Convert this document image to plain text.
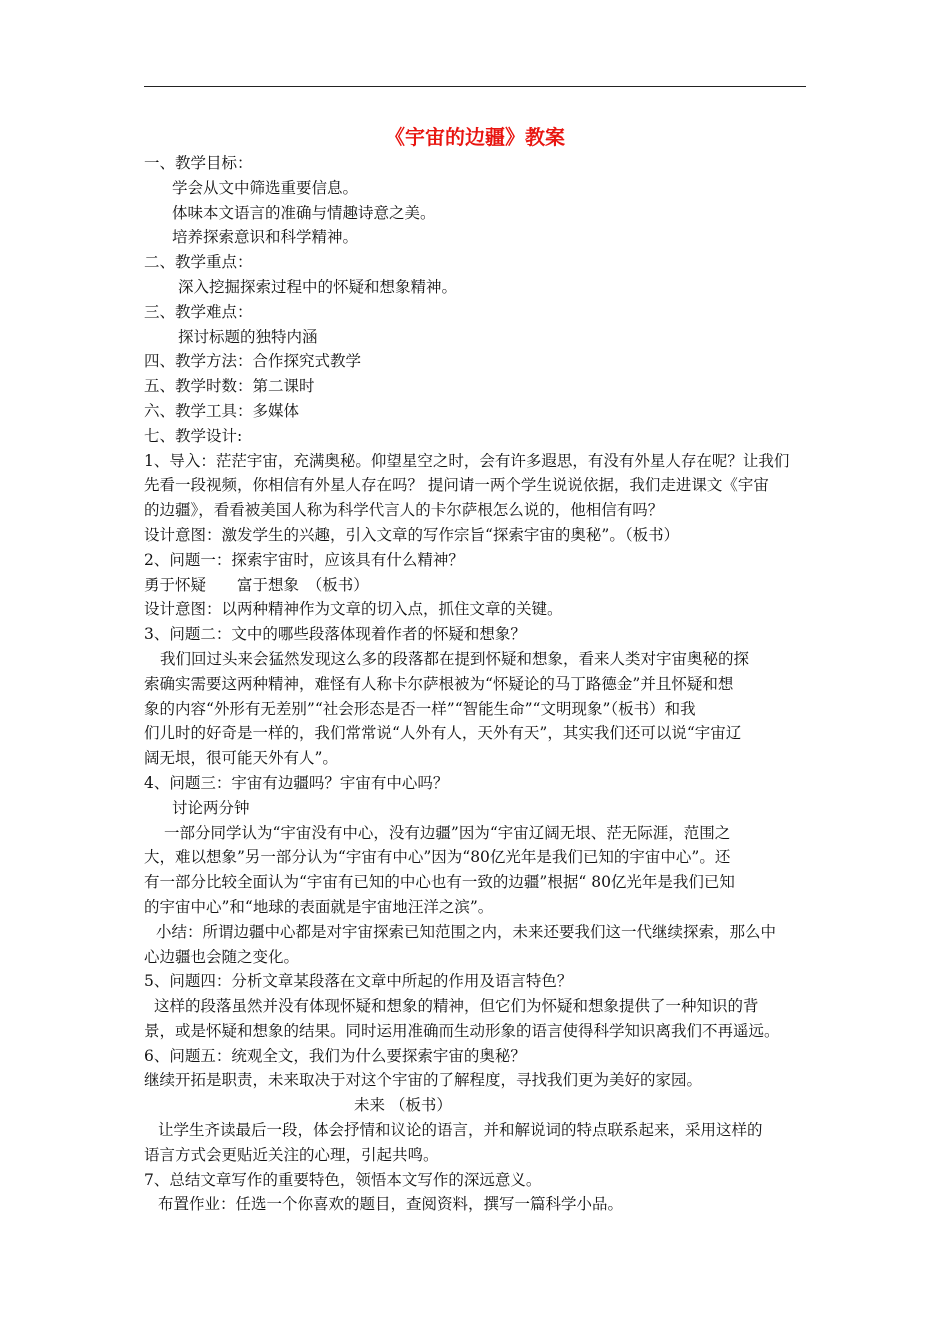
《宇宙的边疆》教案
一、教学目标：
学会从文中筛选重要信息。
体味本文语言的准确与情趣诗意之美。
培养探索意识和科学精神。
二、教学重点：
深入挖掘探索过程中的怀疑和想象精神。
三、教学难点：
探讨标题的独特内涵
四、教学方法：合作探究式教学
五、教学时数：第二课时
六、教学工具：多媒体
七、教学设计:
1、导入：茫茫宇宙，充满奥秘。仰望星空之时，会有许多遐思，有没有外星人存在呢？让我们
先看一段视频，你相信有外星人存在吗？ 提问请一两个学生说说依据，我们走进课文《宇宙
的边疆》，看看被美国人称为科学代言人的卡尔萨根怎么说的，他相信有吗？
设计意图：激发学生的兴趣，引入文章的写作宗旨“探索宇宙的奥秘”。（板书）
2、问题一：探索宇宙时，应该具有什么精神？
勇于怀疑　　富于想象　（板书）
设计意图：以两种精神作为文章的切入点，抓住文章的关键。
3、问题二：文中的哪些段落体现着作者的怀疑和想象？
我们回过头来会猛然发现这么多的段落都在提到怀疑和想象，看来人类对宇宙奥秘的探
索确实需要这两种精神，难怪有人称卡尔萨根被为“怀疑论的马丁路德金”并且怀疑和想
象的内容“外形有无差别”“社会形态是否一样”“智能生命”“文明现象”（板书）和我
们儿时的好奇是一样的，我们常常说“人外有人，天外有天”，其实我们还可以说“宇宙辽
阔无垠，很可能天外有人”。
4、问题三：宇宙有边疆吗？宇宙有中心吗？
讨论两分钟
一部分同学认为“宇宙没有中心，没有边疆”因为“宇宙辽阔无垠、茫无际涯，范围之
大，难以想象”另一部分认为“宇宙有中心”因为“80亿光年是我们已知的宇宙中心”。还
有一部分比较全面认为“宇宙有已知的中心也有一致的边疆”根据“ 80亿光年是我们已知
的宇宙中心”和“地球的表面就是宇宙地汪洋之滨”。
小结：所谓边疆中心都是对宇宙探索已知范围之内，未来还要我们这一代继续探索，那么中
心边疆也会随之变化。
5、问题四：分析文章某段落在文章中所起的作用及语言特色？
这样的段落虽然并没有体现怀疑和想象的精神，但它们为怀疑和想象提供了一种知识的背
景，或是怀疑和想象的结果。同时运用准确而生动形象的语言使得科学知识离我们不再遥远。
6、问题五：统观全文，我们为什么要探索宇宙的奥秘？
继续开拓是职责，未来取决于对这个宇宙的了解程度，寻找我们更为美好的家园。
未来 （板书）
让学生齐读最后一段，体会抒情和议论的语言，并和解说词的特点联系起来，采用这样的
语言方式会更贴近关注的心理，引起共鸣。
7、总结文章写作的重要特色，领悟本文写作的深远意义。
布置作业：任选一个你喜欢的题目，查阅资料，撰写一篇科学小品。
